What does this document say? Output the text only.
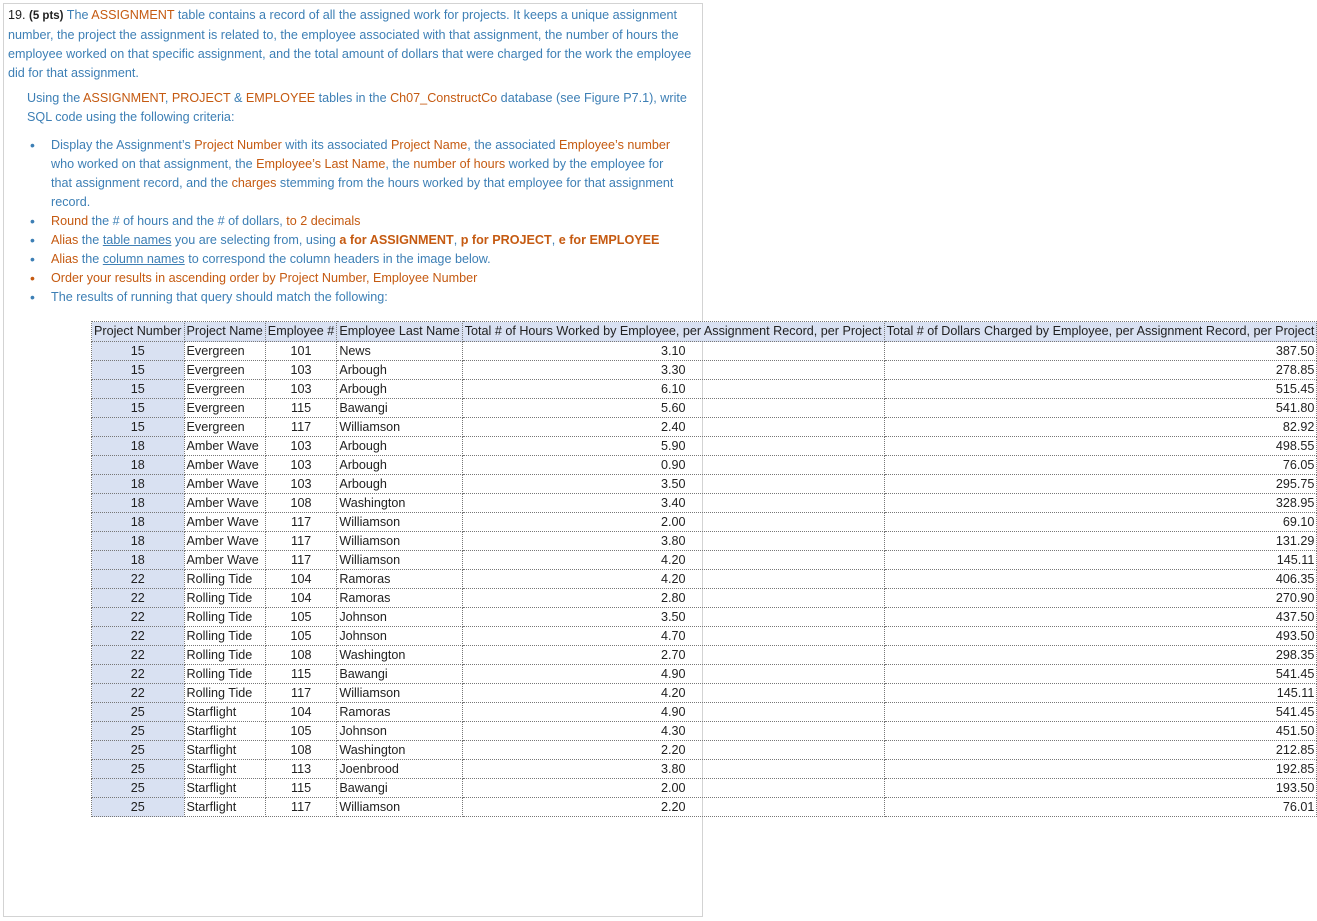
19. (5 pts) The ASSIGNMENT table contains a record of all the assigned work for projects. It keeps a unique assignment number, the project the assignment is related to, the employee associated with that assignment, the number of hours the employee worked on that specific assignment, and the total amount of dollars that were charged for the work the employee did for that assignment.
Using the ASSIGNMENT, PROJECT & EMPLOYEE tables in the Ch07_ConstructCo database (see Figure P7.1), write SQL code using the following criteria:
• Display the Assignment’s Project Number with its associated Project Name, the associated Employee’s number who worked on that assignment, the Employee’s Last Name, the number of hours worked by the employee for that assignment record, and the charges stemming from the hours worked by that employee for that assignment record.
• Round the # of hours and the # of dollars, to 2 decimals
• Alias the table names you are selecting from, using a for ASSIGNMENT, p for PROJECT, e for EMPLOYEE
• Alias the column names to correspond the column headers in the image below.
• Order your results in ascending order by Project Number, Employee Number
• The results of running that query should match the following:
Project Number	Project Name	Employee #	Employee Last Name	Total # of Hours Worked by Employee, per Assignment Record, per Project	Total # of Dollars Charged by Employee, per Assignment Record, per Project
15	Evergreen	101	News	3.10	387.50
15	Evergreen	103	Arbough	3.30	278.85
15	Evergreen	103	Arbough	6.10	515.45
15	Evergreen	115	Bawangi	5.60	541.80
15	Evergreen	117	Williamson	2.40	82.92
18	Amber Wave	103	Arbough	5.90	498.55
18	Amber Wave	103	Arbough	0.90	76.05
18	Amber Wave	103	Arbough	3.50	295.75
18	Amber Wave	108	Washington	3.40	328.95
18	Amber Wave	117	Williamson	2.00	69.10
18	Amber Wave	117	Williamson	3.80	131.29
18	Amber Wave	117	Williamson	4.20	145.11
22	Rolling Tide	104	Ramoras	4.20	406.35
22	Rolling Tide	104	Ramoras	2.80	270.90
22	Rolling Tide	105	Johnson	3.50	437.50
22	Rolling Tide	105	Johnson	4.70	493.50
22	Rolling Tide	108	Washington	2.70	298.35
22	Rolling Tide	115	Bawangi	4.90	541.45
22	Rolling Tide	117	Williamson	4.20	145.11
25	Starflight	104	Ramoras	4.90	541.45
25	Starflight	105	Johnson	4.30	451.50
25	Starflight	108	Washington	2.20	212.85
25	Starflight	113	Joenbrood	3.80	192.85
25	Starflight	115	Bawangi	2.00	193.50
25	Starflight	117	Williamson	2.20	76.01
